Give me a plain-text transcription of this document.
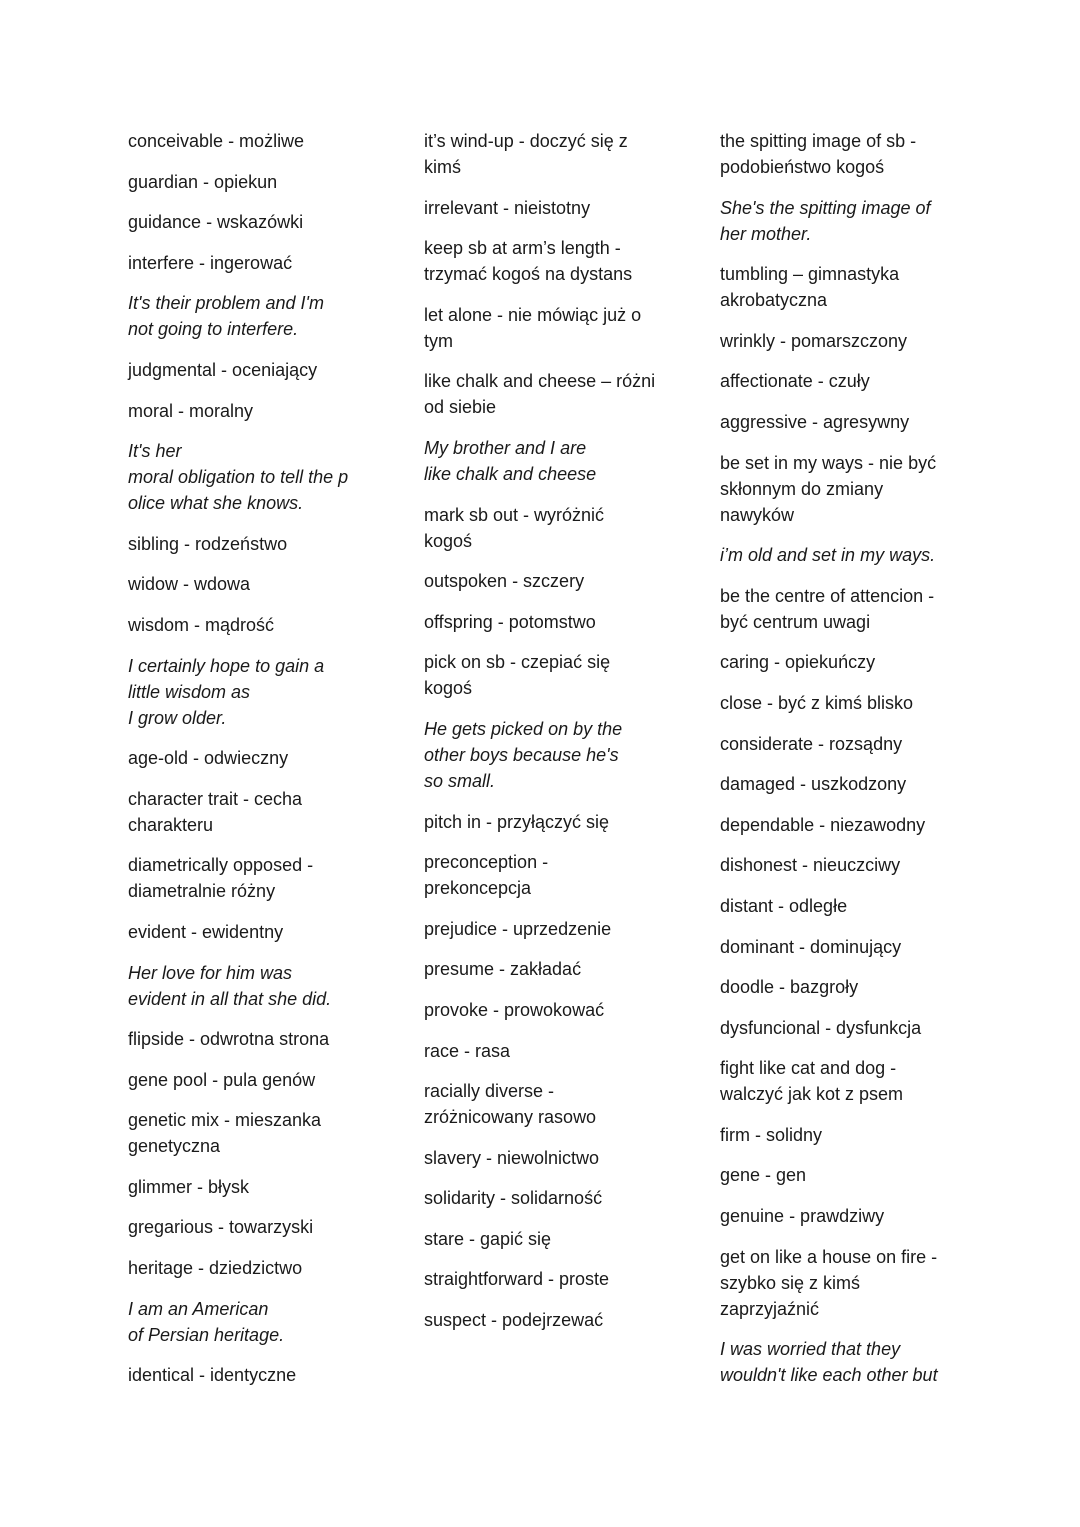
conceivable - możliwe
guardian - opiekun
guidance - wskazówki
interfere - ingerować
It's their problem and I'm
not going to interfere.
judgmental - oceniający
moral - moralny
It's her
moral obligation to tell the p
olice what she knows.
sibling - rodzeństwo
widow - wdowa
wisdom - mądrość
I certainly hope to gain a
little wisdom as
I grow older.
age-old - odwieczny
character trait - cecha
charakteru
diametrically opposed -
diametralnie różny
evident - ewidentny
Her love for him was
evident in all that she did.
flipside - odwrotna strona
gene pool - pula genów
genetic mix - mieszanka
genetyczna
glimmer - błysk
gregarious - towarzyski
heritage - dziedzictwo
I am an American
of Persian heritage.
identical - identyczne
it’s wind-up - doczyć się z
kimś
irrelevant - nieistotny
keep sb at arm’s length -
trzymać kogoś na dystans
let alone - nie mówiąc już o
tym
like chalk and cheese – różni
od siebie
My brother and I are
like chalk and cheese
mark sb out - wyróżnić
kogoś
outspoken - szczery
offspring - potomstwo
pick on sb - czepiać się
kogoś
He gets picked on by the
other boys because he's
so small.
pitch in - przyłączyć się
preconception -
prekoncepcja
prejudice - uprzedzenie
presume - zakładać
provoke - prowokować
race - rasa
racially diverse -
zróżnicowany rasowo
slavery - niewolnictwo
solidarity - solidarność
stare - gapić się
straightforward - proste
suspect - podejrzewać
the spitting image of sb -
podobieństwo kogoś
She's the spitting image of
her mother.
tumbling – gimnastyka
akrobatyczna
wrinkly - pomarszczony
affectionate - czuły
aggressive - agresywny
be set in my ways - nie być
skłonnym do zmiany
nawyków
i’m old and set in my ways.
be the centre of attencion -
być centrum uwagi
caring - opiekuńczy
close - być z kimś blisko
considerate - rozsądny
damaged - uszkodzony
dependable - niezawodny
dishonest - nieuczciwy
distant - odległe
dominant - dominujący
doodle - bazgroły
dysfuncional - dysfunkcja
fight like cat and dog -
walczyć jak kot z psem
firm - solidny
gene - gen
genuine - prawdziwy
get on like a house on fire -
szybko się z kimś
zaprzyjaźnić
I was worried that they
wouldn't like each other but
